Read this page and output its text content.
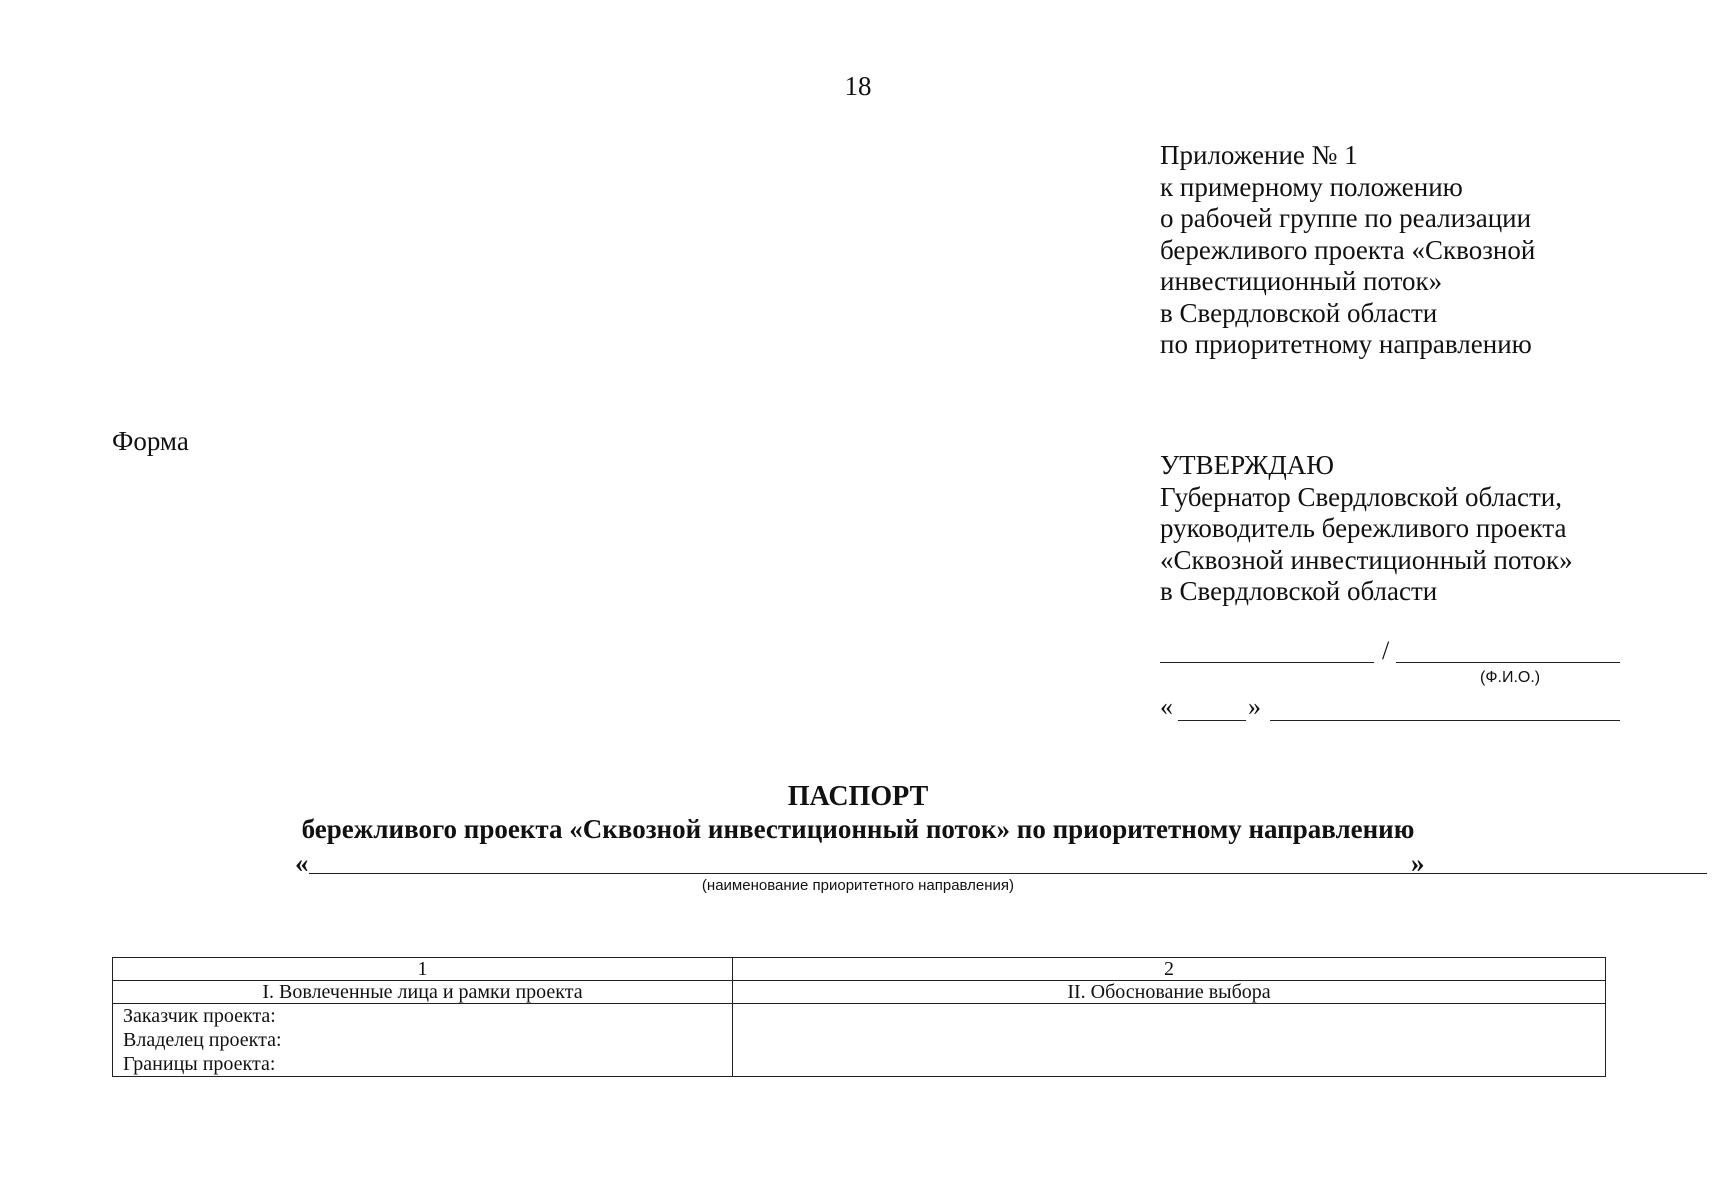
18
Приложение № 1
к примерному положению
о рабочей группе по реализации
бережливого проекта «Сквозной
инвестиционный поток»
в Свердловской области
по приоритетному направлению
Форма
УТВЕРЖДАЮ
Губернатор Свердловской области,
руководитель бережливого проекта
«Сквозной инвестиционный поток»
в Свердловской области
/
(Ф.И.О.)
«	»
ПАСПОРТ
бережливого проекта «Сквозной инвестиционный поток» по приоритетному направлению
«	»
(наименование приоритетного направления)
1	2
I. Вовлеченные лица и рамки проекта	II. Обоснование выбора

Заказчик проекта:
Владелец проекта:
Границы проекта:	
